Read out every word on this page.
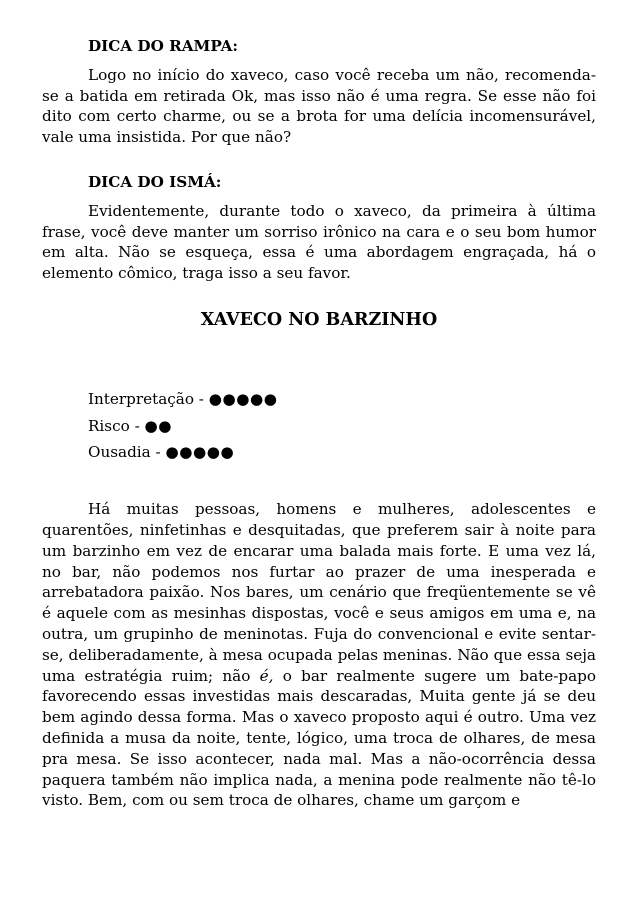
DICA DO RAMPA:

Logo no início do xaveco, caso você receba um não, recomenda-se a batida em retirada Ok, mas isso não é uma regra. Se esse não foi dito com certo charme, ou se a brota for uma delícia incomensurável, vale uma insistida. Por que não?

DICA DO ISMÁ:

Evidentemente, durante todo o xaveco, da primeira à última frase, você deve manter um sorriso irônico na cara e o seu bom humor em alta. Não se esqueça, essa é uma abordagem engraçada, há o elemento cômico, traga isso a seu favor.

XAVECO NO BARZINHO

Interpretação - ●●●●●
Risco - ●●
Ousadia - ●●●●●

Há muitas pessoas, homens e mulheres, adolescentes e quarentões, ninfetinhas e desquitadas, que preferem sair à noite para um barzinho em vez de encarar uma balada mais forte. E uma vez lá, no bar, não podemos nos furtar ao prazer de uma inesperada e arrebatadora paixão. Nos bares, um cenário que freqüentemente se vê é aquele com as mesinhas dispostas, você e seus amigos em uma e, na outra, um grupinho de meninotas. Fuja do convencional e evite sentar-se, deliberadamente, à mesa ocupada pelas meninas. Não que essa seja uma estratégia ruim; não é, o bar realmente sugere um bate-papo favorecendo essas investidas mais descaradas, Muita gente já se deu bem agindo dessa forma. Mas o xaveco proposto aqui é outro. Uma vez definida a musa da noite, tente, lógico, uma troca de olhares, de mesa pra mesa. Se isso acontecer, nada mal. Mas a não-ocorrência dessa paquera também não implica nada, a menina pode realmente não tê-lo visto. Bem, com ou sem troca de olhares, chame um garçom e
